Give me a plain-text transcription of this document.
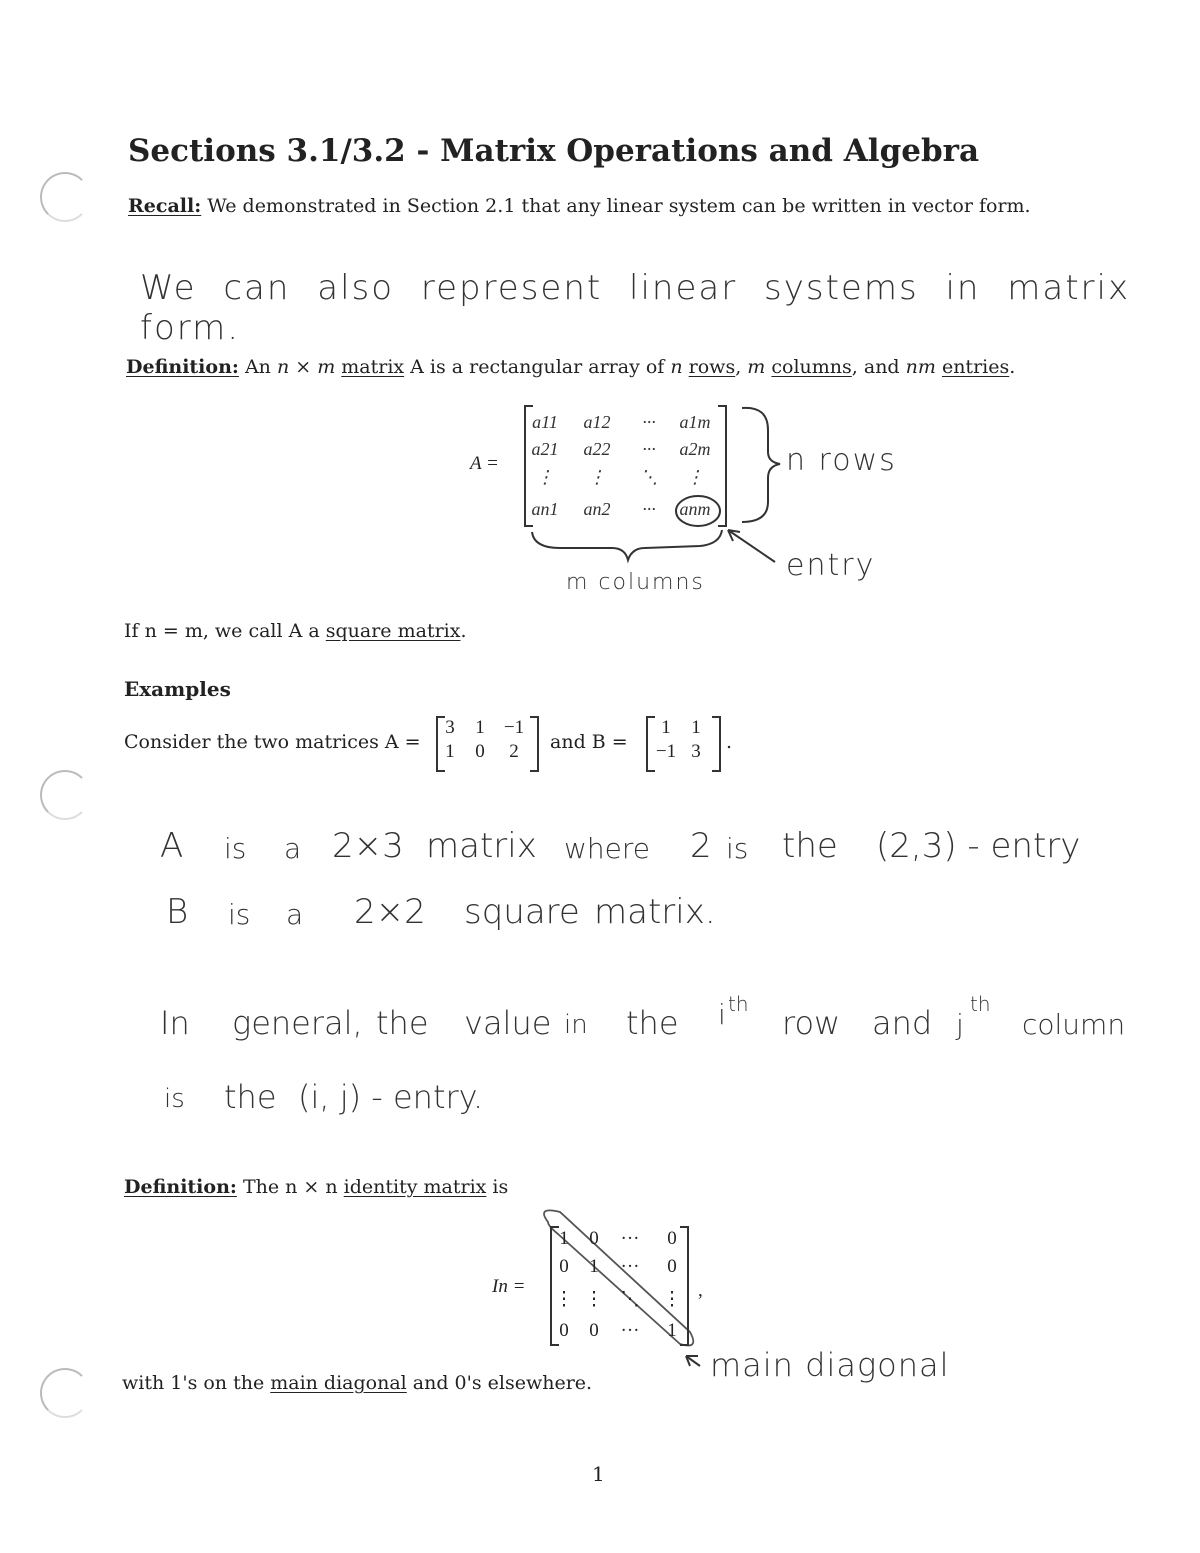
Sections 3.1/3.2 - Matrix Operations and Algebra
Recall: We demonstrated in Section 2.1 that any linear system can be written in vector form.
We can also represent linear systems in matrix form.
Definition: An n × m matrix A is a rectangular array of n rows, m columns, and nm entries.
A =
a11	a12	···	a1m
a21	a22	···	a2m
⋮	⋮	⋱	⋮
an1	an2	···	anm
n rows
m columns	entry
If n = m, we call A a square matrix.
Examples
Consider the two matrices A =
3	1	−1
1	0	2	and B =
1	1
−1 3	.
A is a 2×3 matrix where 2 is the (2,3) - entry
B is a 2×2 square matrix.
In general, the value in the i th row and j
th
column
is the (i, j) - entry.
Definition: The n × n identity matrix is
In =
1	0	···	0
0	1	···	0
⋮ ⋮ ⋱	⋮
0	0	···	1
,
main diagonal
with 1's on the main diagonal and 0's elsewhere.
1
